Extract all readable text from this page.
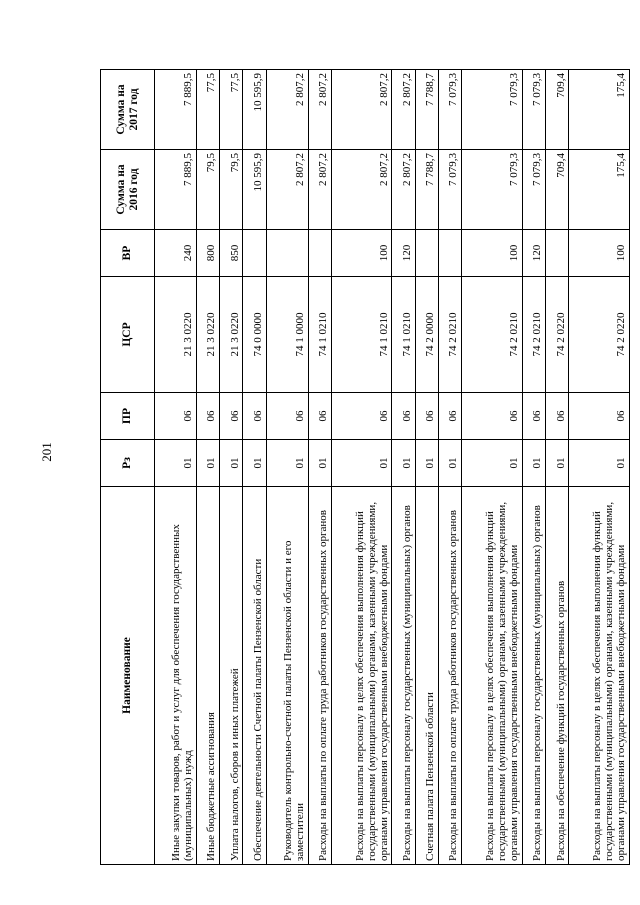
201
Наименование	Рз	ПР	ЦСР	ВР	Сумма на 2016 год	Сумма на 2017 год
Иные закупки товаров, работ и услуг для обеспечения государственных (муниципальных) нужд	01	06	21 3 0220	240	7 889,5	7 889,5
Иные бюджетные ассигнования	01	06	21 3 0220	800	79,5	77,5
Уплата налогов, сборов и иных платежей	01	06	21 3 0220	850	79,5	77,5
Обеспечение деятельности Счетной палаты Пензенской области	01	06	74 0 0000		10 595,9	10 595,9
Руководитель контрольно-счетной палаты Пензенской области и его заместители	01	06	74 1 0000		2 807,2	2 807,2
Расходы на выплаты по оплате труда работников государственных органов	01	06	74 1 0210		2 807,2	2 807,2
Расходы на выплаты персоналу в целях обеспечения выполнения функций государственными (муниципальными) органами, казенными учреждениями, органами управления государственными внебюджетными фондами	01	06	74 1 0210	100	2 807,2	2 807,2
Расходы на выплаты персоналу государственных (муниципальных) органов	01	06	74 1 0210	120	2 807,2	2 807,2
Счетная палата Пензенской области	01	06	74 2 0000		7 788,7	7 788,7
Расходы на выплаты по оплате труда работников государственных органов	01	06	74 2 0210		7 079,3	7 079,3
Расходы на выплаты персоналу в целях обеспечения выполнения функций государственными (муниципальными) органами, казенными учреждениями, органами управления государственными внебюджетными фондами	01	06	74 2 0210	100	7 079,3	7 079,3
Расходы на выплаты персоналу государственных (муниципальных) органов	01	06	74 2 0210	120	7 079,3	7 079,3
Расходы на обеспечение функций государственных органов	01	06	74 2 0220		709,4	709,4
Расходы на выплаты персоналу в целях обеспечения выполнения функций государственными (муниципальными) органами, казенными учреждениями, органами управления государственными внебюджетными фондами	01	06	74 2 0220	100	175,4	175,4
